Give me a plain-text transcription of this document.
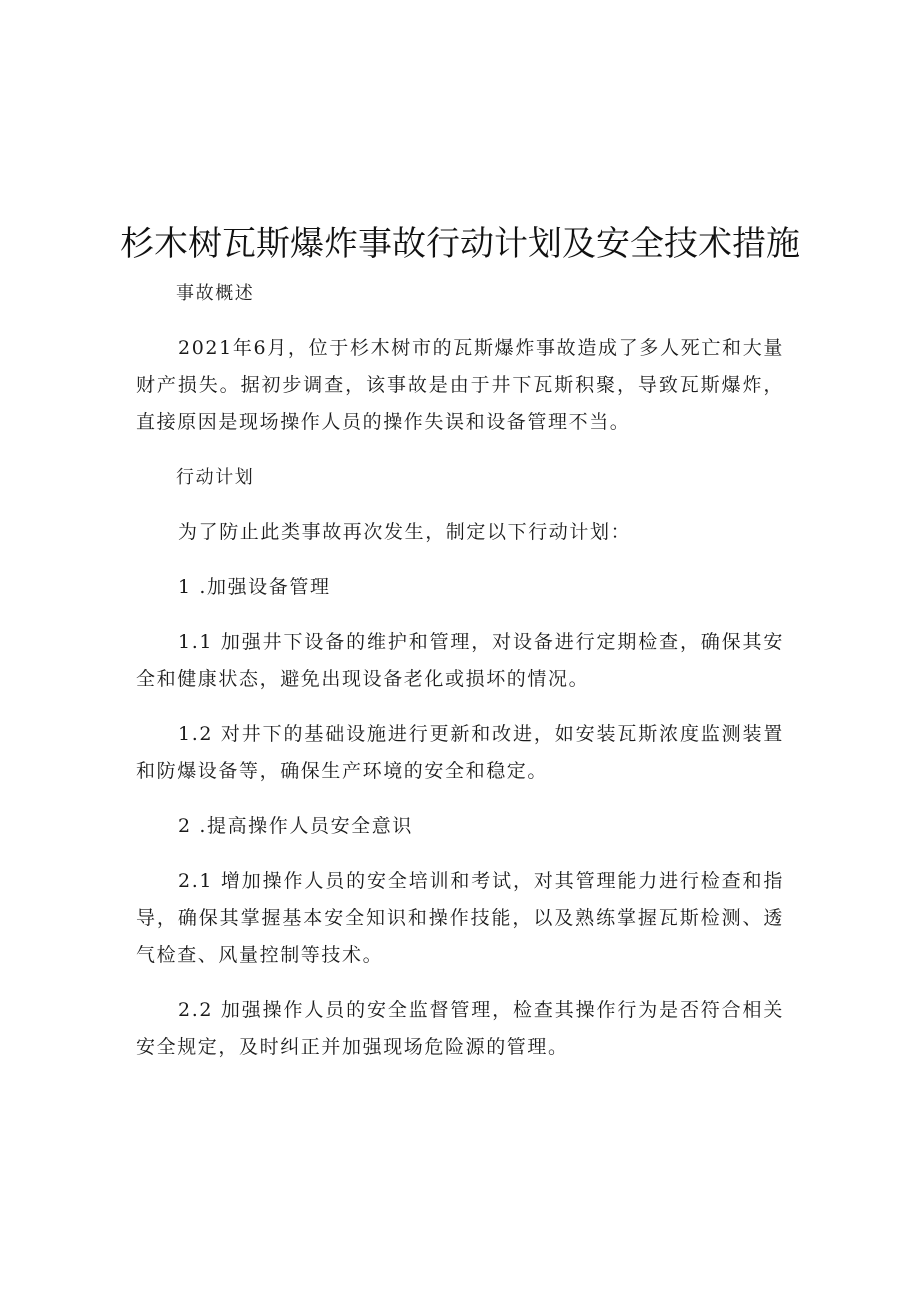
杉木树瓦斯爆炸事故行动计划及安全技术措施

事故概述

2021年6月，位于杉木树市的瓦斯爆炸事故造成了多人死亡和大量财产损失。据初步调查，该事故是由于井下瓦斯积聚，导致瓦斯爆炸，直接原因是现场操作人员的操作失误和设备管理不当。

行动计划

为了防止此类事故再次发生，制定以下行动计划：

1 .加强设备管理

1.1 加强井下设备的维护和管理，对设备进行定期检查，确保其安全和健康状态，避免出现设备老化或损坏的情况。

1.2 对井下的基础设施进行更新和改进，如安装瓦斯浓度监测装置和防爆设备等，确保生产环境的安全和稳定。

2 .提高操作人员安全意识

2.1 增加操作人员的安全培训和考试，对其管理能力进行检查和指导，确保其掌握基本安全知识和操作技能，以及熟练掌握瓦斯检测、透气检查、风量控制等技术。

2.2 加强操作人员的安全监督管理，检查其操作行为是否符合相关安全规定，及时纠正并加强现场危险源的管理。
